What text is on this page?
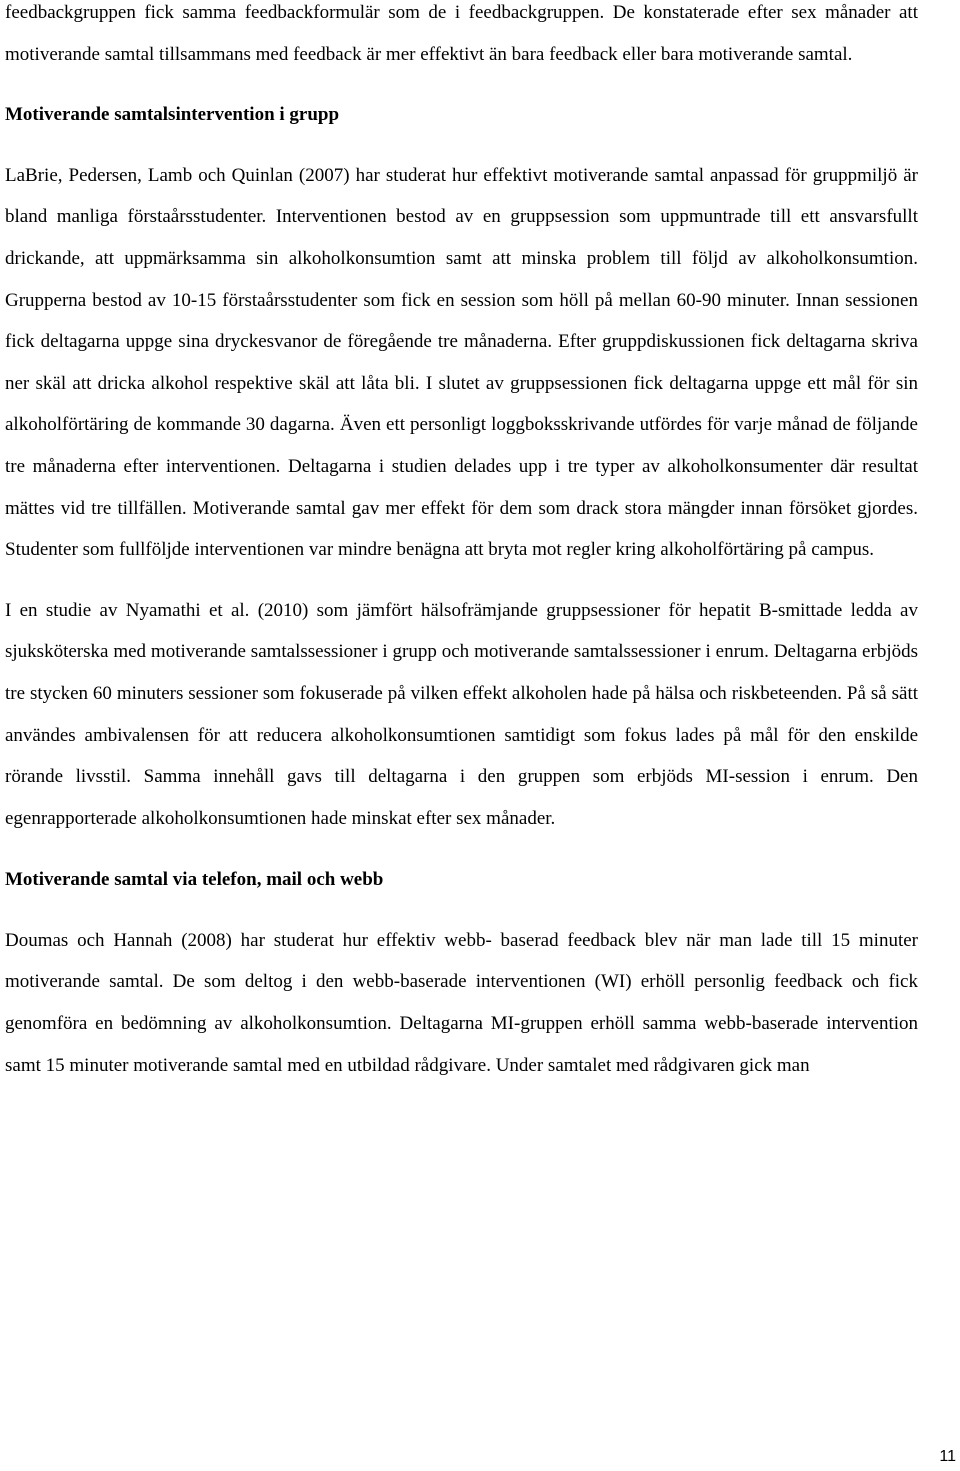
feedbackgruppen fick samma feedbackformulär som de i feedbackgruppen. De konstaterade efter sex månader att motiverande samtal tillsammans med feedback är mer effektivt än bara feedback eller bara motiverande samtal.

Motiverande samtalsintervention i grupp

LaBrie, Pedersen, Lamb och Quinlan (2007) har studerat hur effektivt motiverande samtal anpassad för gruppmiljö är bland manliga förstaårsstudenter. Interventionen bestod av en gruppsession som uppmuntrade till ett ansvarsfullt drickande, att uppmärksamma sin alkoholkonsumtion samt att minska problem till följd av alkoholkonsumtion. Grupperna bestod av 10-15 förstaårsstudenter som fick en session som höll på mellan 60-90 minuter. Innan sessionen fick deltagarna uppge sina dryckesvanor de föregående tre månaderna. Efter gruppdiskussionen fick deltagarna skriva ner skäl att dricka alkohol respektive skäl att låta bli. I slutet av gruppsessionen fick deltagarna uppge ett mål för sin alkoholförtäring de kommande 30 dagarna. Även ett personligt loggboksskrivande utfördes för varje månad de följande tre månaderna efter interventionen. Deltagarna i studien delades upp i tre typer av alkoholkonsumenter där resultat mättes vid tre tillfällen. Motiverande samtal gav mer effekt för dem som drack stora mängder innan försöket gjordes. Studenter som fullföljde interventionen var mindre benägna att bryta mot regler kring alkoholförtäring på campus.

I en studie av Nyamathi et al. (2010) som jämfört hälsofrämjande gruppsessioner för hepatit B-smittade ledda av sjuksköterska med motiverande samtalssessioner i grupp och motiverande samtalssessioner i enrum. Deltagarna erbjöds tre stycken 60 minuters sessioner som fokuserade på vilken effekt alkoholen hade på hälsa och riskbeteenden. På så sätt användes ambivalensen för att reducera alkoholkonsumtionen samtidigt som fokus lades på mål för den enskilde rörande livsstil. Samma innehåll gavs till deltagarna i den gruppen som erbjöds MI-session i enrum. Den egenrapporterade alkoholkonsumtionen hade minskat efter sex månader.

Motiverande samtal via telefon, mail och webb

Doumas och Hannah (2008) har studerat hur effektiv webb- baserad feedback blev när man lade till 15 minuter motiverande samtal. De som deltog i den webb-baserade interventionen (WI) erhöll personlig feedback och fick genomföra en bedömning av alkoholkonsumtion. Deltagarna MI-gruppen erhöll samma webb-baserade intervention samt 15 minuter motiverande samtal med en utbildad rådgivare. Under samtalet med rådgivaren gick man

11
